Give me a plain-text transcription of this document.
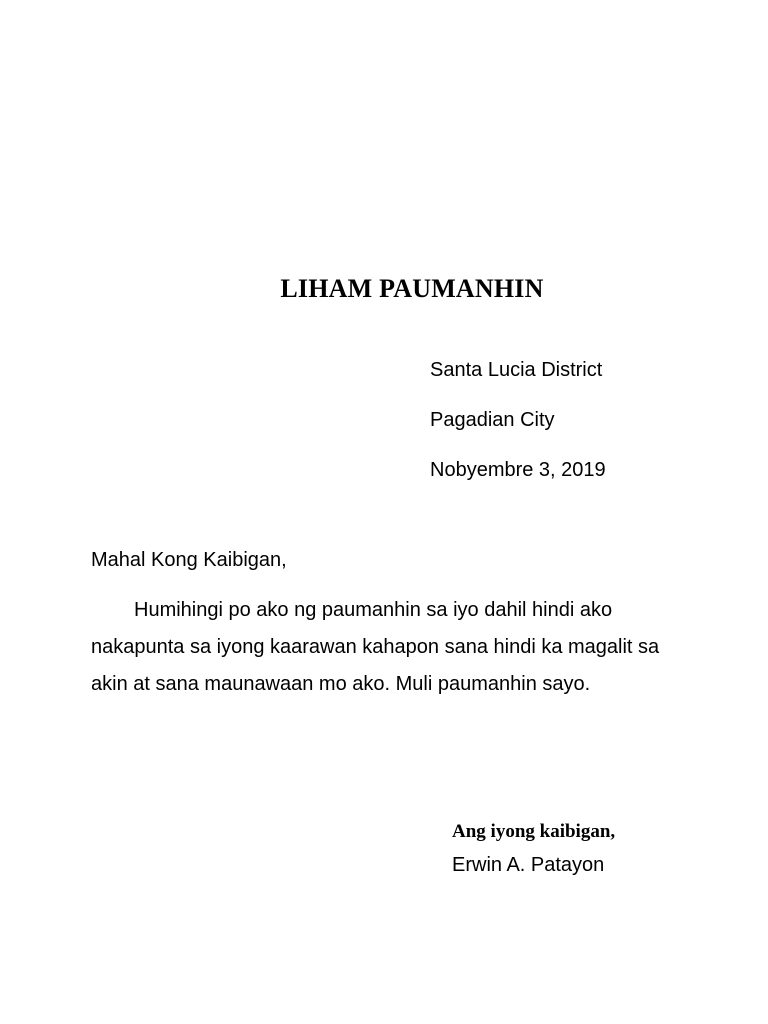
LIHAM PAUMANHIN
Santa Lucia District
Pagadian City
Nobyembre 3, 2019
Mahal Kong Kaibigan,

Humihingi po ako ng paumanhin sa iyo dahil hindi ako nakapunta sa iyong kaarawan kahapon sana hindi ka magalit sa akin at sana maunawaan mo ako. Muli paumanhin sayo.

Ang iyong kaibigan,
Erwin A. Patayon
